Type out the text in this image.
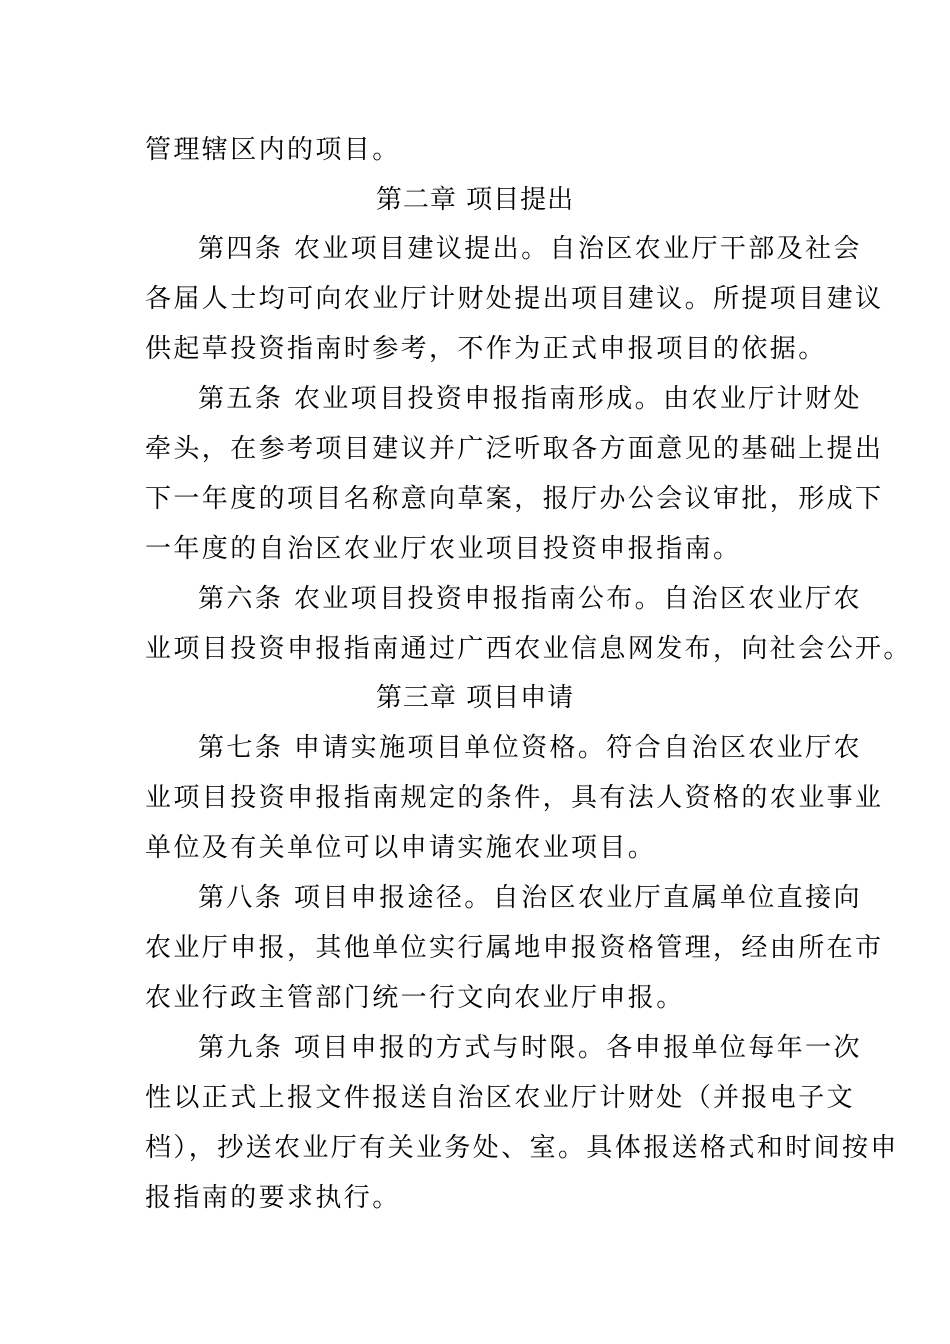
管理辖区内的项目。
第二章 项目提出
第四条 农业项目建议提出。自治区农业厅干部及社会
各届人士均可向农业厅计财处提出项目建议。所提项目建议
供起草投资指南时参考，不作为正式申报项目的依据。
第五条 农业项目投资申报指南形成。由农业厅计财处
牵头，在参考项目建议并广泛听取各方面意见的基础上提出
下一年度的项目名称意向草案，报厅办公会议审批，形成下
一年度的自治区农业厅农业项目投资申报指南。
第六条 农业项目投资申报指南公布。自治区农业厅农
业项目投资申报指南通过广西农业信息网发布，向社会公开。
第三章 项目申请
第七条 申请实施项目单位资格。符合自治区农业厅农
业项目投资申报指南规定的条件，具有法人资格的农业事业
单位及有关单位可以申请实施农业项目。
第八条 项目申报途径。自治区农业厅直属单位直接向
农业厅申报，其他单位实行属地申报资格管理，经由所在市
农业行政主管部门统一行文向农业厅申报。
第九条 项目申报的方式与时限。各申报单位每年一次
性以正式上报文件报送自治区农业厅计财处（并报电子文
档），抄送农业厅有关业务处、室。具体报送格式和时间按申
报指南的要求执行。
